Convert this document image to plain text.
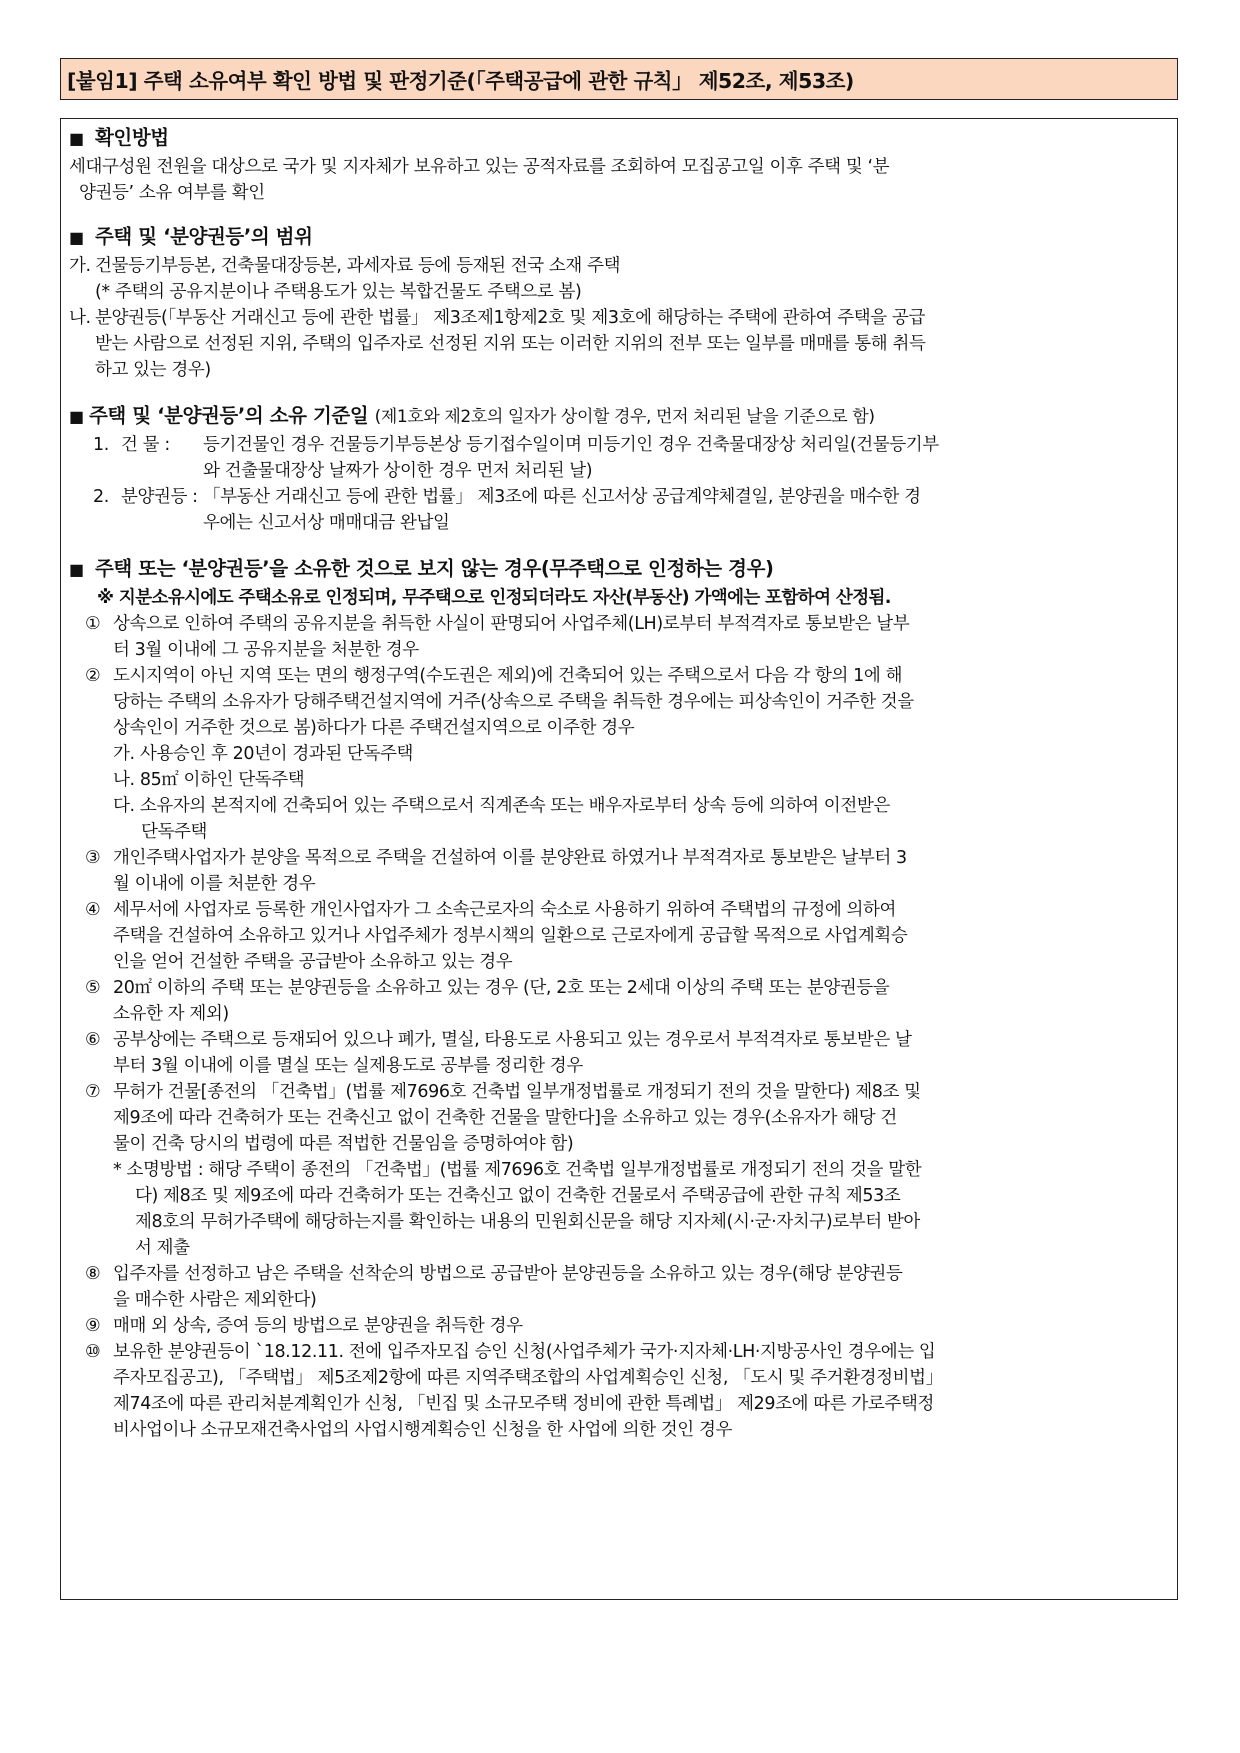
[붙임1] 주택 소유여부 확인 방법 및 판정기준(「주택공급에 관한 규칙」 제52조, 제53조)
■ 확인방법
세대구성원 전원을 대상으로 국가 및 지자체가 보유하고 있는 공적자료를 조회하여 모집공고일 이후 주택 및 ‘분
양권등’ 소유 여부를 확인
■ 주택 및 ‘분양권등’의 범위
가. 건물등기부등본, 건축물대장등본, 과세자료 등에 등재된 전국 소재 주택
(* 주택의 공유지분이나 주택용도가 있는 복합건물도 주택으로 봄)
나. 분양권등(「부동산 거래신고 등에 관한 법률」 제3조제1항제2호 및 제3호에 해당하는 주택에 관하여 주택을 공급
받는 사람으로 선정된 지위, 주택의 입주자로 선정된 지위 또는 이러한 지위의 전부 또는 일부를 매매를 통해 취득
하고 있는 경우)
■ 주택 및 ‘분양권등’의 소유 기준일 (제1호와 제2호의 일자가 상이할 경우, 먼저 처리된 날을 기준으로 함)
1. 건 물 :	등기건물인 경우 건물등기부등본상 등기접수일이며 미등기인 경우 건축물대장상 처리일(건물등기부
와 건출물대장상 날짜가 상이한 경우 먼저 처리된 날)
2. 분양권등 : 「부동산 거래신고 등에 관한 법률」 제3조에 따른 신고서상 공급계약체결일, 분양권을 매수한 경
우에는 신고서상 매매대금 완납일
■ 주택 또는 ‘분양권등’을 소유한 것으로 보지 않는 경우(무주택으로 인정하는 경우)
※ 지분소유시에도 주택소유로 인정되며, 무주택으로 인정되더라도 자산(부동산) 가액에는 포함하여 산정됨.
① 상속으로 인하여 주택의 공유지분을 취득한 사실이 판명되어 사업주체(LH)로부터 부적격자로 통보받은 날부
터 3월 이내에 그 공유지분을 처분한 경우
② 도시지역이 아닌 지역 또는 면의 행정구역(수도권은 제외)에 건축되어 있는 주택으로서 다음 각 항의 1에 해
당하는 주택의 소유자가 당해주택건설지역에 거주(상속으로 주택을 취득한 경우에는 피상속인이 거주한 것을
상속인이 거주한 것으로 봄)하다가 다른 주택건설지역으로 이주한 경우
가. 사용승인 후 20년이 경과된 단독주택
나. 85㎡ 이하인 단독주택
다. 소유자의 본적지에 건축되어 있는 주택으로서 직계존속 또는 배우자로부터 상속 등에 의하여 이전받은
단독주택
③ 개인주택사업자가 분양을 목적으로 주택을 건설하여 이를 분양완료 하였거나 부적격자로 통보받은 날부터 3
월 이내에 이를 처분한 경우
④ 세무서에 사업자로 등록한 개인사업자가 그 소속근로자의 숙소로 사용하기 위하여 주택법의 규정에 의하여
주택을 건설하여 소유하고 있거나 사업주체가 정부시책의 일환으로 근로자에게 공급할 목적으로 사업계획승
인을 얻어 건설한 주택을 공급받아 소유하고 있는 경우
⑤ 20㎡ 이하의 주택 또는 분양권등을 소유하고 있는 경우 (단, 2호 또는 2세대 이상의 주택 또는 분양권등을
소유한 자 제외)
⑥ 공부상에는 주택으로 등재되어 있으나 폐가, 멸실, 타용도로 사용되고 있는 경우로서 부적격자로 통보받은 날
부터 3월 이내에 이를 멸실 또는 실제용도로 공부를 정리한 경우
⑦ 무허가 건물[종전의 「건축법」(법률 제7696호 건축법 일부개정법률로 개정되기 전의 것을 말한다) 제8조 및
제9조에 따라 건축허가 또는 건축신고 없이 건축한 건물을 말한다]을 소유하고 있는 경우(소유자가 해당 건
물이 건축 당시의 법령에 따른 적법한 건물임을 증명하여야 함)
* 소명방법 : 해당 주택이 종전의 「건축법」(법률 제7696호 건축법 일부개정법률로 개정되기 전의 것을 말한
다) 제8조 및 제9조에 따라 건축허가 또는 건축신고 없이 건축한 건물로서 주택공급에 관한 규칙 제53조
제8호의 무허가주택에 해당하는지를 확인하는 내용의 민원회신문을 해당 지자체(시·군·자치구)로부터 받아
서 제출
⑧ 입주자를 선정하고 남은 주택을 선착순의 방법으로 공급받아 분양권등을 소유하고 있는 경우(해당 분양권등
을 매수한 사람은 제외한다)
⑨ 매매 외 상속, 증여 등의 방법으로 분양권을 취득한 경우
⑩ 보유한 분양권등이 `18.12.11. 전에 입주자모집 승인 신청(사업주체가 국가·지자체·LH·지방공사인 경우에는 입
주자모집공고), 「주택법」 제5조제2항에 따른 지역주택조합의 사업계획승인 신청, 「도시 및 주거환경정비법」
제74조에 따른 관리처분계획인가 신청, 「빈집 및 소규모주택 정비에 관한 특례법」 제29조에 따른 가로주택정
비사업이나 소규모재건축사업의 사업시행계획승인 신청을 한 사업에 의한 것인 경우
